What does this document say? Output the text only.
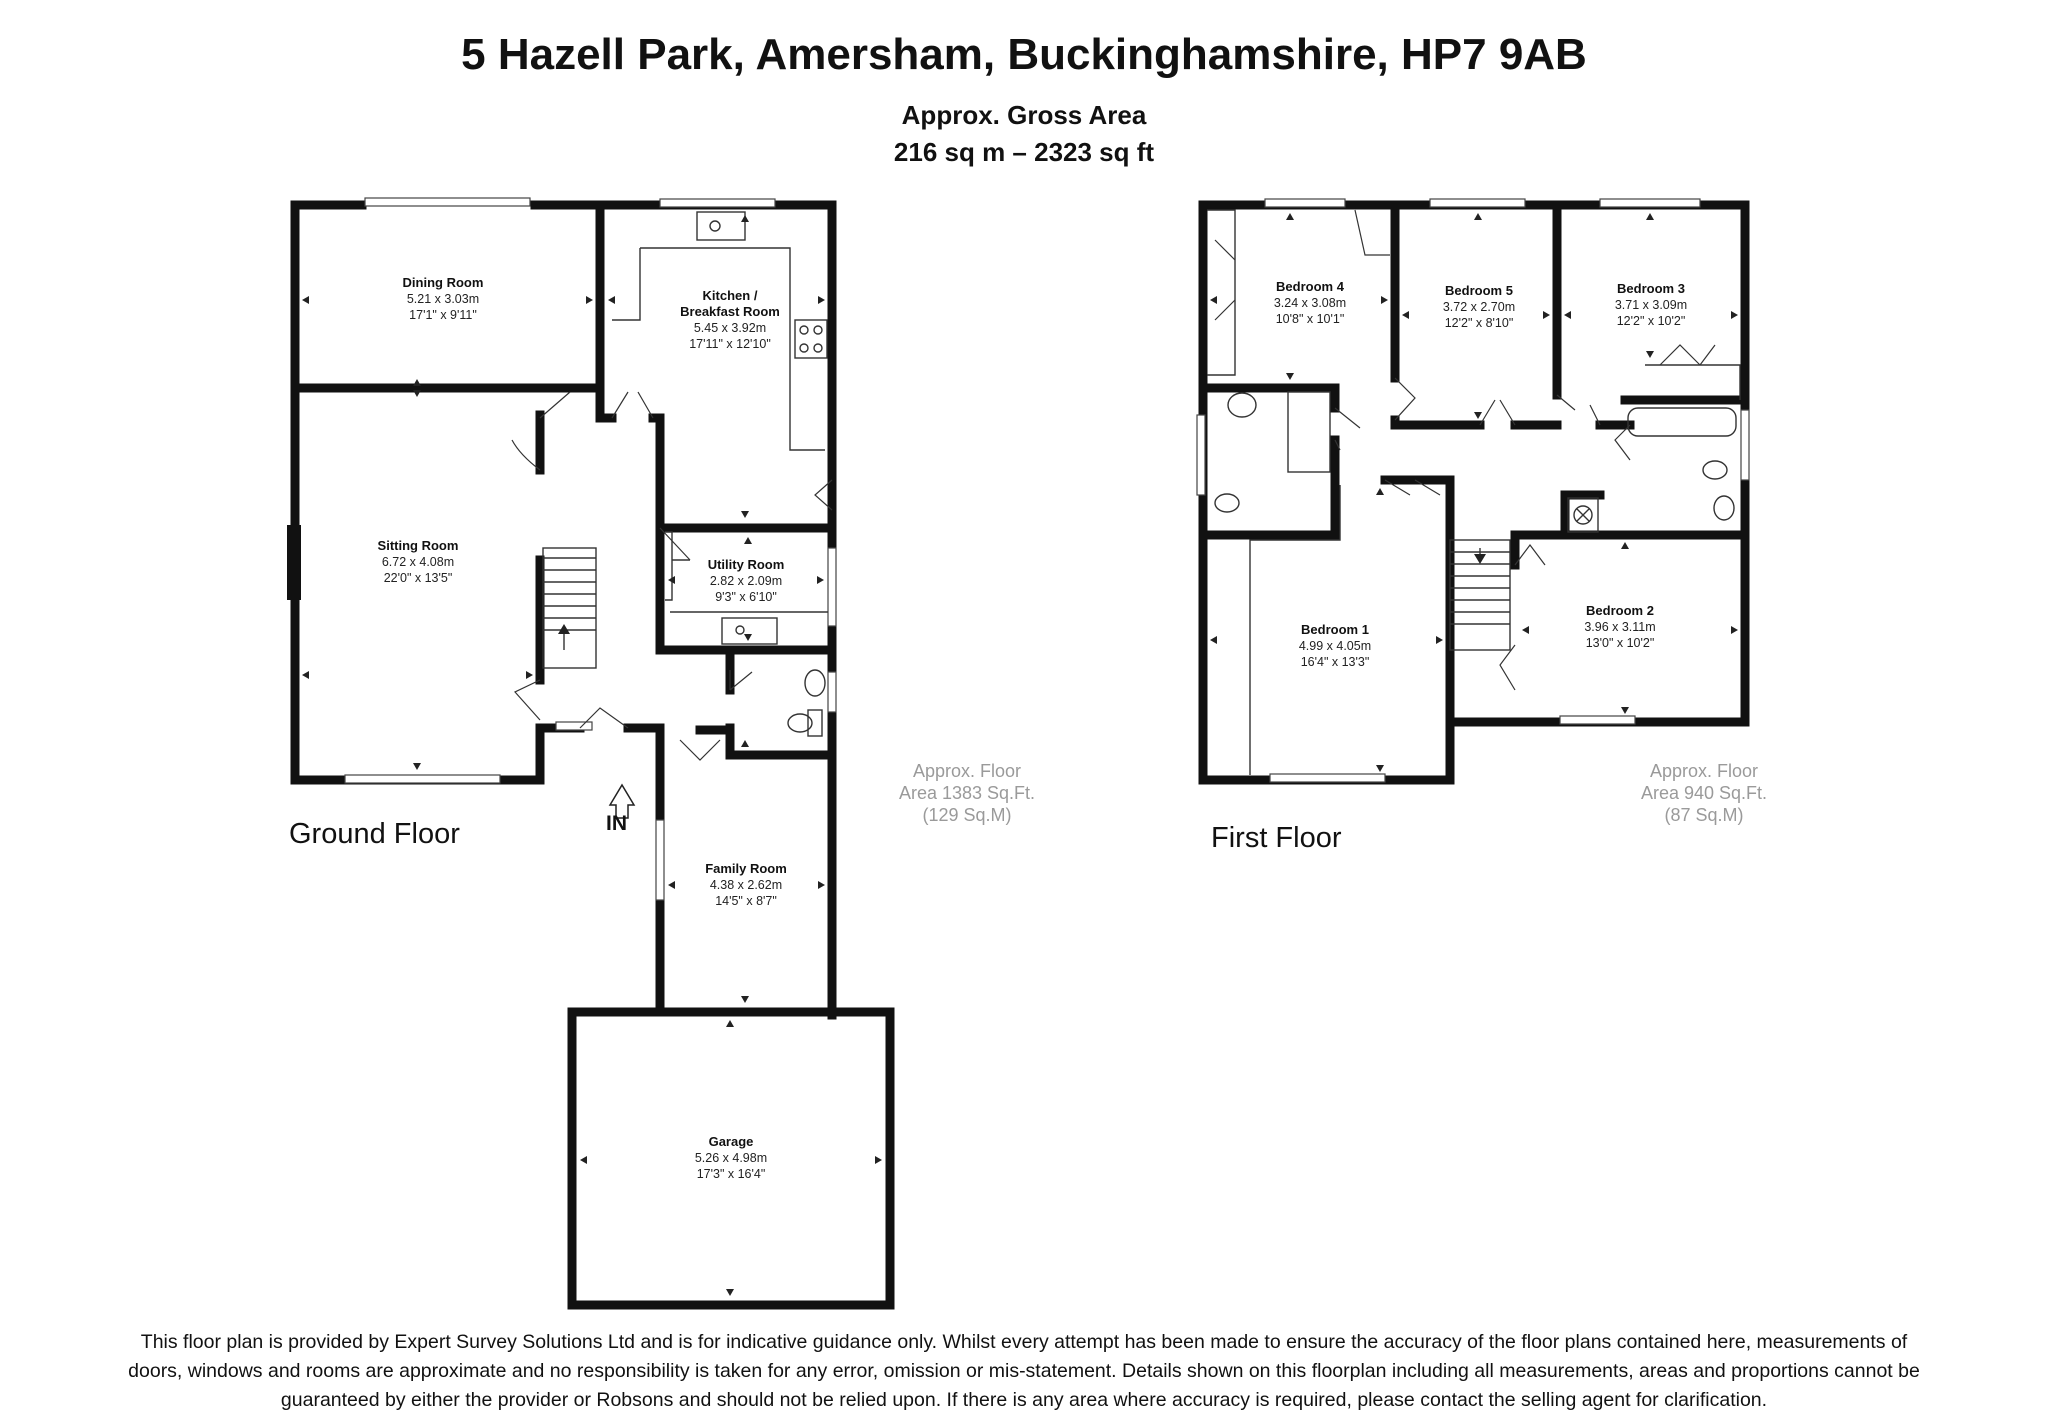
5 Hazell Park, Amersham, Buckinghamshire, HP7 9AB
Approx. Gross Area
216 sq m – 2323 sq ft
Dining Room
5.21 x 3.03m
17'1" x 9'11"
Kitchen /
Breakfast Room
5.45 x 3.92m
17'11" x 12'10"
Sitting Room
6.72 x 4.08m
22'0" x 13'5"
Utility Room
2.82 x 2.09m
9'3" x 6'10"
Family Room
4.38 x 2.62m
14'5" x 8'7"
Garage
5.26 x 4.98m
17'3" x 16'4"
Bedroom 4
3.24 x 3.08m
10'8" x 10'1"
Bedroom 5
3.72 x 2.70m
12'2" x 8'10"
Bedroom 3
3.71 x 3.09m
12'2" x 10'2"
Bedroom 1
4.99 x 4.05m
16'4" x 13'3"
Bedroom 2
3.96 x 3.11m
13'0" x 10'2"
Ground Floor	IN
Approx. Floor
Area 1383 Sq.Ft.
(129 Sq.M)
First Floor
Approx. Floor
Area 940 Sq.Ft.
(87 Sq.M)
This floor plan is provided by Expert Survey Solutions Ltd and is for indicative guidance only. Whilst every attempt has been made to ensure the accuracy of the floor plans contained here, measurements of
doors, windows and rooms are approximate and no responsibility is taken for any error, omission or mis-statement. Details shown on this floorplan including all measurements, areas and proportions cannot be
guaranteed by either the provider or Robsons and should not be relied upon. If there is any area where accuracy is required, please contact the selling agent for clarification.
